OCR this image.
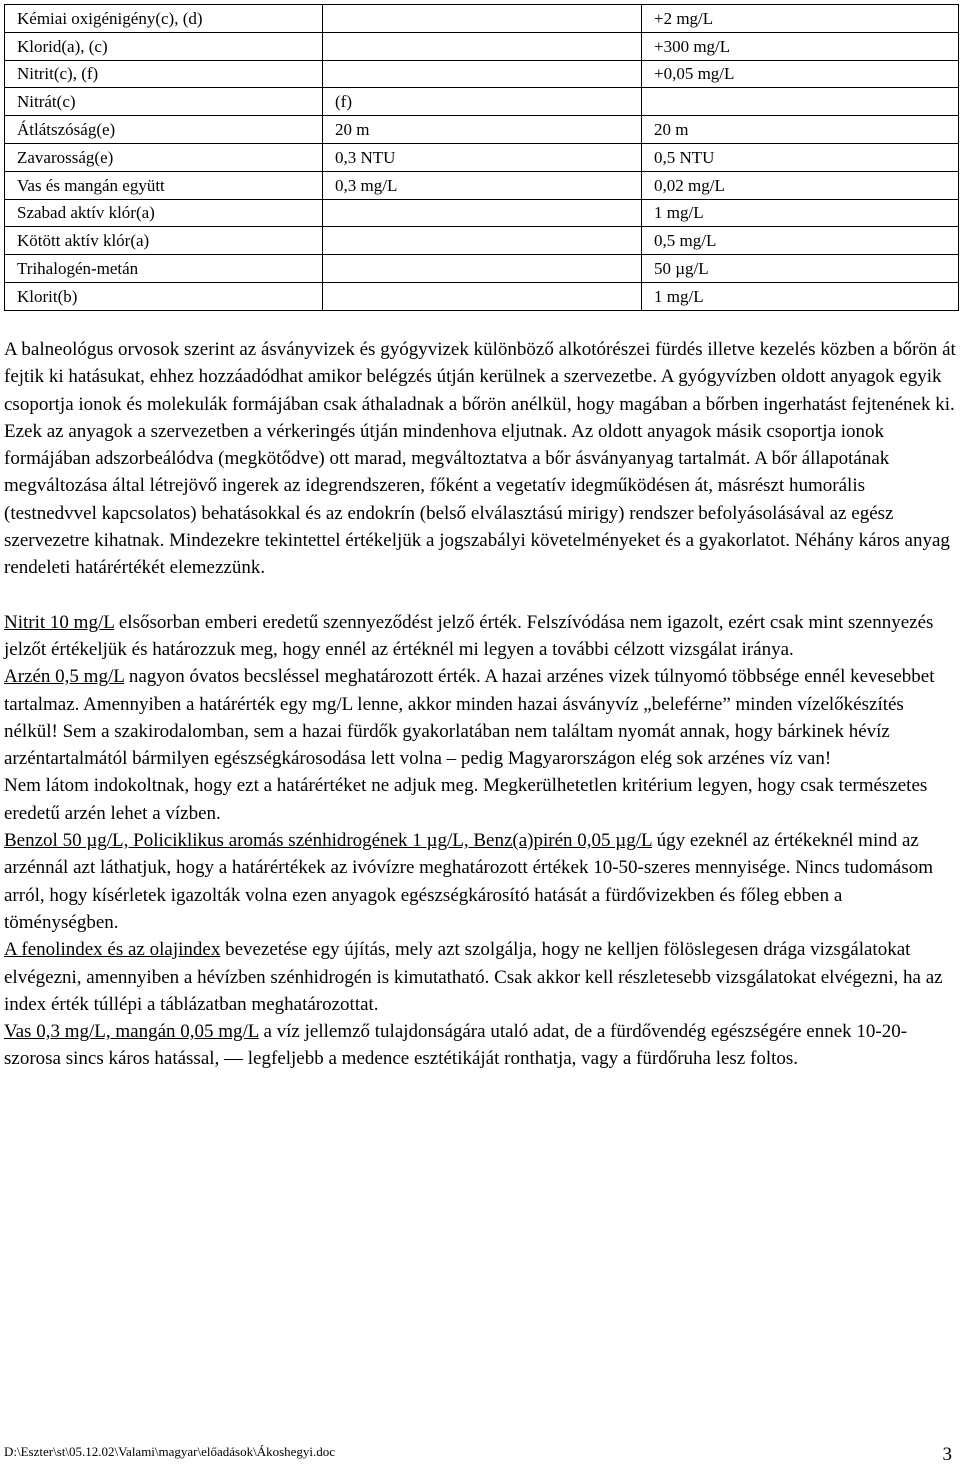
Kémiai oxigénigény(c), (d)		+2 mg/L
Klorid(a), (c)		+300 mg/L
Nitrit(c), (f)		+0,05 mg/L
Nitrát(c)	(f)	
Átlátszóság(e)	20 m	20 m
Zavarosság(e)	0,3 NTU	0,5 NTU
Vas és mangán együtt	0,3 mg/L	0,02 mg/L
Szabad aktív klór(a)		1 mg/L
Kötött aktív klór(a)		0,5 mg/L
Trihalogén-metán		50 µg/L
Klorit(b)		1 mg/L

A balneológus orvosok szerint az ásványvizek és gyógyvizek különböző alkotórészei fürdés illetve kezelés közben a bőrön át fejtik ki hatásukat, ehhez hozzáadódhat amikor belégzés útján kerülnek a szervezetbe. A gyógyvízben oldott anyagok egyik csoportja ionok és molekulák formájában csak áthaladnak a bőrön anélkül, hogy magában a bőrben ingerhatást fejtenének ki. Ezek az anyagok a szervezetben a vérkeringés útján mindenhova eljutnak. Az oldott anyagok másik csoportja ionok formájában adszorbeálódva (megkötődve) ott marad, megváltoztatva a bőr ásványanyag tartalmát. A bőr állapotának megváltozása által létrejövő ingerek az idegrendszeren, főként a vegetatív idegműködésen át, másrészt humorális (testnedvvel kapcsolatos) behatásokkal és az endokrín (belső elválasztású mirigy) rendszer befolyásolásával az egész szervezetre kihatnak. Mindezekre tekintettel értékeljük a jogszabályi követelményeket és a gyakorlatot. Néhány káros anyag rendeleti határértékét elemezzünk.

Nitrit 10 mg/L elsősorban emberi eredetű szennyeződést jelző érték. Felszívódása nem igazolt, ezért csak mint szennyezés jelzőt értékeljük és határozzuk meg, hogy ennél az értéknél mi legyen a további célzott vizsgálat iránya.

Arzén 0,5 mg/L nagyon óvatos becsléssel meghatározott érték. A hazai arzénes vizek túlnyomó többsége ennél kevesebbet tartalmaz. Amennyiben a határérték egy mg/L lenne, akkor minden hazai ásványvíz „beleférne” minden vízelőkészítés nélkül! Sem a szakirodalomban, sem a hazai fürdők gyakorlatában nem találtam nyomát annak, hogy bárkinek hévíz arzéntartalmától bármilyen egészségkárosodása lett volna – pedig Magyarországon elég sok arzénes víz van!

Nem látom indokoltnak, hogy ezt a határértéket ne adjuk meg. Megkerülhetetlen kritérium legyen, hogy csak természetes eredetű arzén lehet a vízben.

Benzol 50 µg/L, Policiklikus aromás szénhidrogének 1 µg/L, Benz(a)pirén 0,05 µg/L úgy ezeknél az értékeknél mind az arzénnál azt láthatjuk, hogy a határértékek az ivóvízre meghatározott értékek 10-50-szeres mennyisége. Nincs tudomásom arról, hogy kísérletek igazolták volna ezen anyagok egészségkárosító hatását a fürdővizekben és főleg ebben a töménységben.

A fenolindex és az olajindex bevezetése egy újítás, mely azt szolgálja, hogy ne kelljen fölöslegesen drága vizsgálatokat elvégezni, amennyiben a hévízben szénhidrogén is kimutatható. Csak akkor kell részletesebb vizsgálatokat elvégezni, ha az index érték túllépi a táblázatban meghatározottat.

Vas 0,3 mg/L, mangán 0,05 mg/L a víz jellemző tulajdonságára utaló adat, de a fürdővendég egészségére ennek 10-20-szorosa sincs káros hatással, — legfeljebb a medence esztétikáját ronthatja, vagy a fürdőruha lesz foltos.

D:\Eszter\st\05.12.02\Valami\magyar\előadások\Ákoshegyi.doc	3
